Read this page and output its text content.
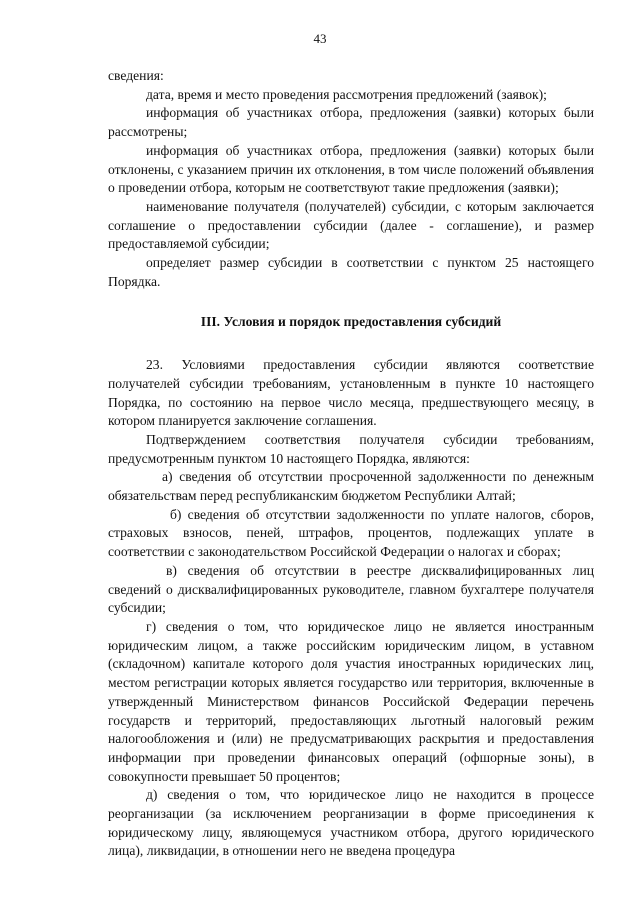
43

сведения:

дата, время и место проведения рассмотрения предложений (заявок);

информация об участниках отбора, предложения (заявки) которых были рассмотрены;

информация об участниках отбора, предложения (заявки) которых были отклонены, с указанием причин их отклонения, в том числе положений объявления о проведении отбора, которым не соответствуют такие предложения (заявки);

наименование получателя (получателей) субсидии, с которым заключается соглашение о предоставлении субсидии (далее - соглашение), и размер предоставляемой субсидии;

определяет размер субсидии в соответствии с пунктом 25 настоящего Порядка.

III. Условия и порядок предоставления субсидий

23. Условиями предоставления субсидии являются соответствие получателей субсидии требованиям, установленным в пункте 10 настоящего Порядка, по состоянию на первое число месяца, предшествующего месяцу, в котором планируется заключение соглашения.

Подтверждением соответствия получателя субсидии требованиям, предусмотренным пунктом 10 настоящего Порядка, являются:

а) сведения об отсутствии просроченной задолженности по денежным обязательствам перед республиканским бюджетом Республики Алтай;

б) сведения об отсутствии задолженности по уплате налогов, сборов, страховых взносов, пеней, штрафов, процентов, подлежащих уплате в соответствии с законодательством Российской Федерации о налогах и сборах;

в) сведения об отсутствии в реестре дисквалифицированных лиц сведений о дисквалифицированных руководителе, главном бухгалтере получателя субсидии;

г) сведения о том, что юридическое лицо не является иностранным юридическим лицом, а также российским юридическим лицом, в уставном (складочном) капитале которого доля участия иностранных юридических лиц, местом регистрации которых является государство или территория, включенные в утвержденный Министерством финансов Российской Федерации перечень государств и территорий, предоставляющих льготный налоговый режим налогообложения и (или) не предусматривающих раскрытия и предоставления информации при проведении финансовых операций (офшорные зоны), в совокупности превышает 50 процентов;

д) сведения о том, что юридическое лицо не находится в процессе реорганизации (за исключением реорганизации в форме присоединения к юридическому лицу, являющемуся участником отбора, другого юридического лица), ликвидации, в отношении него не введена процедура
